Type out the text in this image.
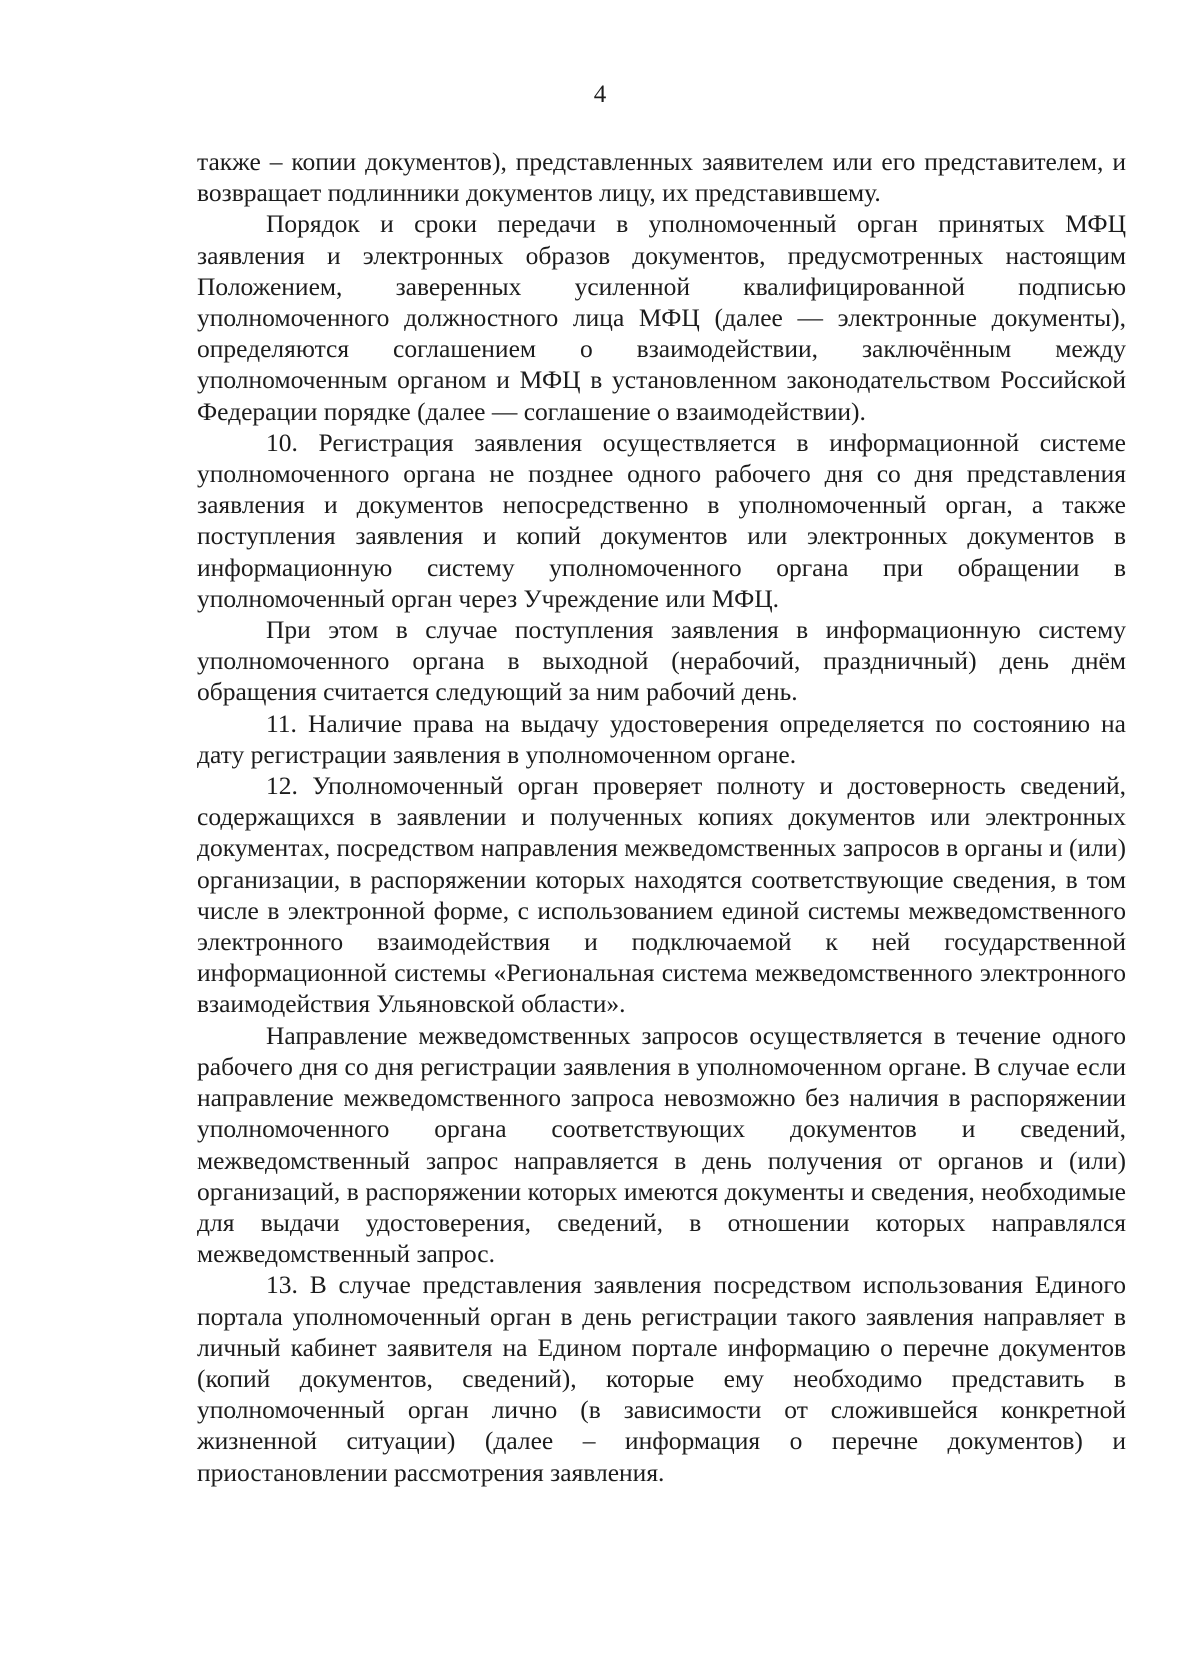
4

также – копии документов), представленных заявителем или его представителем, и возвращает подлинники документов лицу, их представившему.

Порядок и сроки передачи в уполномоченный орган принятых МФЦ заявления и электронных образов документов, предусмотренных настоящим Положением, заверенных усиленной квалифицированной подписью уполномоченного должностного лица МФЦ (далее — электронные документы), определяются соглашением о взаимодействии, заключённым между уполномоченным органом и МФЦ в установленном законодательством Российской Федерации порядке (далее — соглашение о взаимодействии).

10. Регистрация заявления осуществляется в информационной системе уполномоченного органа не позднее одного рабочего дня со дня представления заявления и документов непосредственно в уполномоченный орган, а также поступления заявления и копий документов или электронных документов в информационную систему уполномоченного органа при обращении в уполномоченный орган через Учреждение или МФЦ.

При этом в случае поступления заявления в информационную систему уполномоченного органа в выходной (нерабочий, праздничный) день днём обращения считается следующий за ним рабочий день.

11. Наличие права на выдачу удостоверения определяется по состоянию на дату регистрации заявления в уполномоченном органе.

12. Уполномоченный орган проверяет полноту и достоверность сведений, содержащихся в заявлении и полученных копиях документов или электронных документах, посредством направления межведомственных запросов в органы и (или) организации, в распоряжении которых находятся соответствующие сведения, в том числе в электронной форме, с использованием единой системы межведомственного электронного взаимодействия и подключаемой к ней государственной информационной системы «Региональная система межведомственного электронного взаимодействия Ульяновской области».

Направление межведомственных запросов осуществляется в течение одного рабочего дня со дня регистрации заявления в уполномоченном органе. В случае если направление межведомственного запроса невозможно без наличия в распоряжении уполномоченного органа соответствующих документов и сведений, межведомственный запрос направляется в день получения от органов и (или) организаций, в распоряжении которых имеются документы и сведения, необходимые для выдачи удостоверения, сведений, в отношении которых направлялся межведомственный запрос.

13. В случае представления заявления посредством использования Единого портала уполномоченный орган в день регистрации такого заявления направляет в личный кабинет заявителя на Едином портале информацию о перечне документов (копий документов, сведений), которые ему необходимо представить в уполномоченный орган лично (в зависимости от сложившейся конкретной жизненной ситуации) (далее – информация о перечне документов) и приостановлении рассмотрения заявления.
